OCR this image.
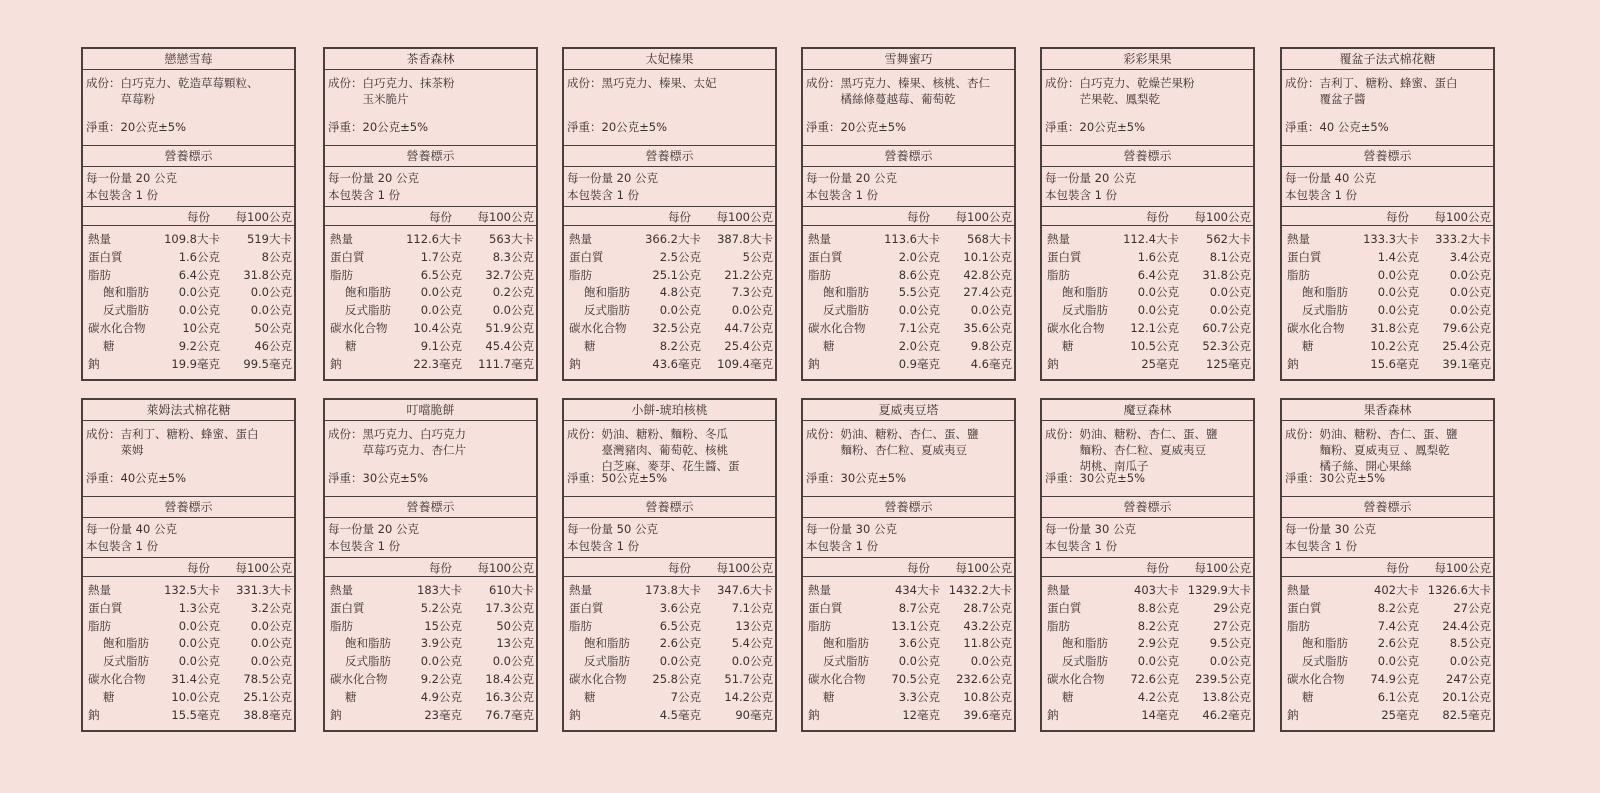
戀戀雪莓
成份： 白巧克力、乾造草莓顆粒、
草莓粉
淨重：20公克±5%
營養標示
每一份量 20 公克
本包裝含 1 份
每份 每100公克
熱量	109.8大卡 519大卡
蛋白質	1.6公克	8公克
脂肪	6.4公克 31.8公克
飽和脂肪	0.0公克	0.0公克
反式脂肪	0.0公克	0.0公克
碳水化合物	10公克	50公克
糖	9.2公克	46公克
鈉	19.9毫克 99.5毫克
茶香森林
成份： 白巧克力、抹茶粉
玉米脆片
淨重：20公克±5%
營養標示
每一份量 20 公克
本包裝含 1 份
每份 每100公克
熱量	112.6大卡 563大卡
蛋白質	1.7公克	8.3公克
脂肪	6.5公克 32.7公克
飽和脂肪	0.0公克	0.2公克
反式脂肪	0.0公克	0.0公克
碳水化合物 10.4公克 51.9公克
糖	9.1公克 45.4公克
鈉	22.3毫克 111.7毫克
太妃榛果
成份： 黑巧克力、榛果、太妃
淨重：20公克±5%
營養標示
每一份量 20 公克
本包裝含 1 份
每份 每100公克
熱量	366.2大卡 387.8大卡
蛋白質	2.5公克	5公克
脂肪	25.1公克 21.2公克
飽和脂肪	4.8公克	7.3公克
反式脂肪	0.0公克	0.0公克
碳水化合物 32.5公克 44.7公克
糖	8.2公克 25.4公克
鈉	43.6毫克 109.4毫克
雪舞蜜巧
成份： 黑巧克力、榛果、核桃、杏仁
橘絲條蔓越莓、葡萄乾
淨重：20公克±5%
營養標示
每一份量 20 公克
本包裝含 1 份
每份 每100公克
熱量	113.6大卡 568大卡
蛋白質	2.0公克 10.1公克
脂肪	8.6公克 42.8公克
飽和脂肪	5.5公克 27.4公克
反式脂肪	0.0公克	0.0公克
碳水化合物	7.1公克 35.6公克
糖	2.0公克	9.8公克
鈉	0.9毫克	4.6毫克
彩彩果果
成份： 白巧克力、乾燥芒果粉
芒果乾、鳳梨乾
淨重：20公克±5%
營養標示
每一份量 20 公克
本包裝含 1 份
每份 每100公克
熱量	112.4大卡 562大卡
蛋白質	1.6公克	8.1公克
脂肪	6.4公克 31.8公克
飽和脂肪	0.0公克	0.0公克
反式脂肪	0.0公克	0.0公克
碳水化合物 12.1公克 60.7公克
糖	10.5公克 52.3公克
鈉	25毫克 125毫克
覆盆子法式棉花糖
成份： 吉利丁、糖粉、蜂蜜、蛋白
覆盆子醬
淨重：40 公克±5%
營養標示
每一份量 40 公克
本包裝含 1 份
每份 每100公克
熱量	133.3大卡 333.2大卡
蛋白質	1.4公克	3.4公克
脂肪	0.0公克	0.0公克
飽和脂肪	0.0公克	0.0公克
反式脂肪	0.0公克	0.0公克
碳水化合物 31.8公克 79.6公克
糖	10.2公克 25.4公克
鈉	15.6毫克 39.1毫克
萊姆法式棉花糖
成份： 吉利丁、糖粉、蜂蜜、蛋白
萊姆
淨重：40公克±5%
營養標示
每一份量 40 公克
本包裝含 1 份
每份 每100公克
熱量	132.5大卡 331.3大卡
蛋白質	1.3公克	3.2公克
脂肪	0.0公克	0.0公克
飽和脂肪	0.0公克	0.0公克
反式脂肪	0.0公克	0.0公克
碳水化合物 31.4公克 78.5公克
糖	10.0公克 25.1公克
鈉	15.5毫克 38.8毫克
叮噹脆餅
成份： 黑巧克力、白巧克力
草莓巧克力、杏仁片
淨重：30公克±5%
營養標示
每一份量 20 公克
本包裝含 1 份
每份 每100公克
熱量	183大卡 610大卡
蛋白質	5.2公克 17.3公克
脂肪	15公克	50公克
飽和脂肪	3.9公克	13公克
反式脂肪	0.0公克	0.0公克
碳水化合物	9.2公克 18.4公克
糖	4.9公克 16.3公克
鈉	23毫克 76.7毫克
小餅-琥珀核桃
成份： 奶油、糖粉、麵粉、冬瓜
臺灣豬肉、葡萄乾、核桃
白芝麻、麥芽、花生醬、蛋
淨重：50公克±5%
營養標示
每一份量 50 公克
本包裝含 1 份
每份 每100公克
熱量	173.8大卡 347.6大卡
蛋白質	3.6公克	7.1公克
脂肪	6.5公克	13公克
飽和脂肪	2.6公克	5.4公克
反式脂肪	0.0公克	0.0公克
碳水化合物 25.8公克 51.7公克
糖	7公克 14.2公克
鈉	4.5毫克	90毫克
夏威夷豆塔
成份： 奶油、糖粉、杏仁、蛋、鹽
麵粉、杏仁粒、夏威夷豆
淨重：30公克±5%
營養標示
每一份量 30 公克
本包裝含 1 份
每份 每100公克
熱量	434大卡 1432.2大卡
蛋白質	8.7公克 28.7公克
脂肪	13.1公克 43.2公克
飽和脂肪	3.6公克 11.8公克
反式脂肪	0.0公克	0.0公克
碳水化合物 70.5公克 232.6公克
糖	3.3公克 10.8公克
鈉	12毫克 39.6毫克
魔豆森林
成份： 奶油、糖粉、杏仁、蛋、鹽
麵粉、杏仁粒、夏威夷豆
胡桃、南瓜子
淨重：30公克±5%
營養標示
每一份量 30 公克
本包裝含 1 份
每份 每100公克
熱量	403大卡 1329.9大卡
蛋白質	8.8公克	29公克
脂肪	8.2公克	27公克
飽和脂肪	2.9公克	9.5公克
反式脂肪	0.0公克	0.0公克
碳水化合物 72.6公克 239.5公克
糖	4.2公克 13.8公克
鈉	14毫克 46.2毫克
果香森林
成份： 奶油、糖粉、杏仁、蛋、鹽
麵粉、夏威夷豆 、鳳梨乾
橘子絲、開心果絲
淨重：30公克±5%
營養標示
每一份量 30 公克
本包裝含 1 份
每份 每100公克
熱量	402大卡 1326.6大卡
蛋白質	8.2公克	27公克
脂肪	7.4公克 24.4公克
飽和脂肪	2.6公克	8.5公克
反式脂肪	0.0公克	0.0公克
碳水化合物 74.9公克 247公克
糖	6.1公克 20.1公克
鈉	25毫克 82.5毫克
